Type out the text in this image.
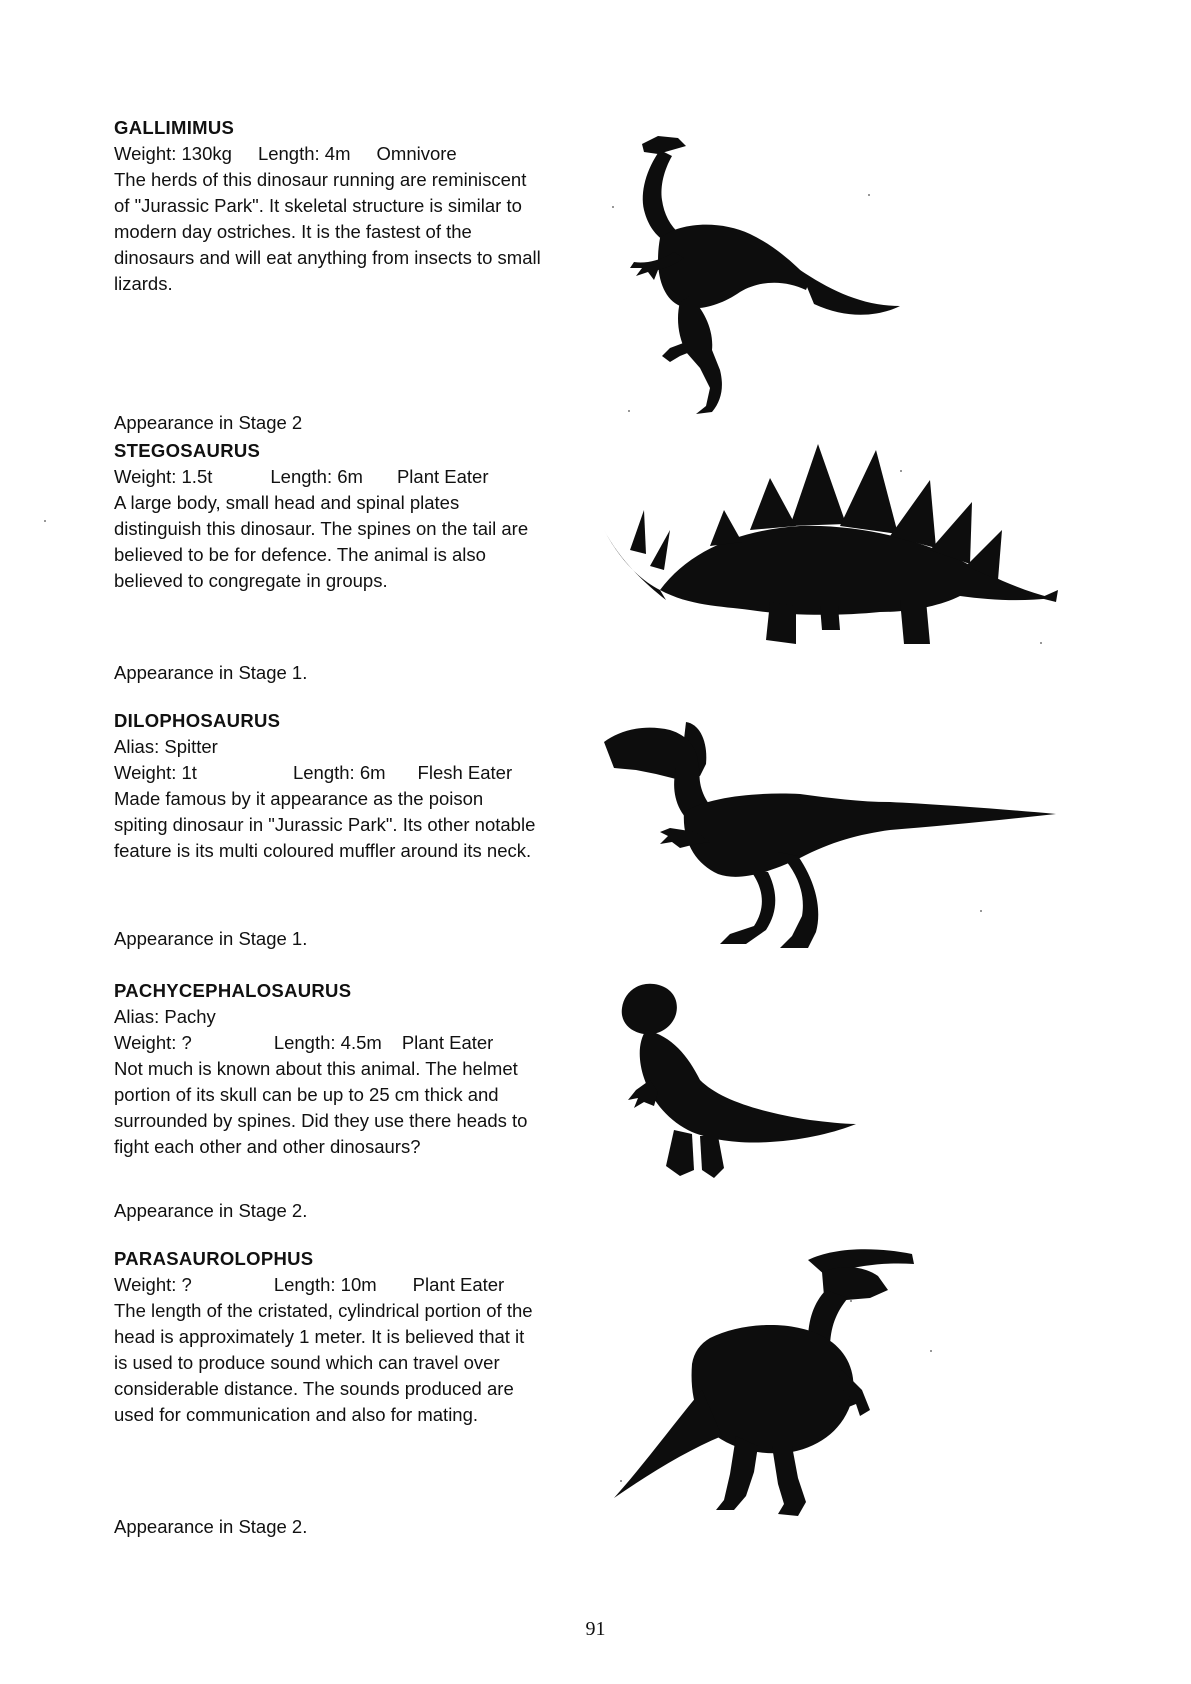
GALLIMIMUS
Weight: 130kg Length: 4m Omnivore
The herds of this dinosaur running are reminiscent
of "Jurassic Park". It skeletal structure is similar to
modern day ostriches. It is the fastest of the
dinosaurs and will eat anything from insects to small
lizards.
Appearance in Stage 2
STEGOSAURUS
Weight: 1.5t	Length: 6m Plant Eater
A large body, small head and spinal plates
distinguish this dinosaur. The spines on the tail are
believed to be for defence. The animal is also
believed to congregate in groups.
Appearance in Stage 1.
DILOPHOSAURUS
Alias: Spitter
Weight: 1t	Length: 6m Flesh Eater
Made famous by it appearance as the poison
spiting dinosaur in "Jurassic Park". Its other notable
feature is its multi coloured muffler around its neck.
Appearance in Stage 1.
PACHYCEPHALOSAURUS
Alias: Pachy
Weight: ?	Length: 4.5m Plant Eater
Not much is known about this animal. The helmet
portion of its skull can be up to 25 cm thick and
surrounded by spines. Did they use there heads to
fight each other and other dinosaurs?
Appearance in Stage 2.
PARASAUROLOPHUS
Weight: ?	Length: 10m Plant Eater
The length of the cristated, cylindrical portion of the
head is approximately 1 meter. It is believed that it
is used to produce sound which can travel over
considerable distance. The sounds produced are
used for communication and also for mating.
Appearance in Stage 2.
91
